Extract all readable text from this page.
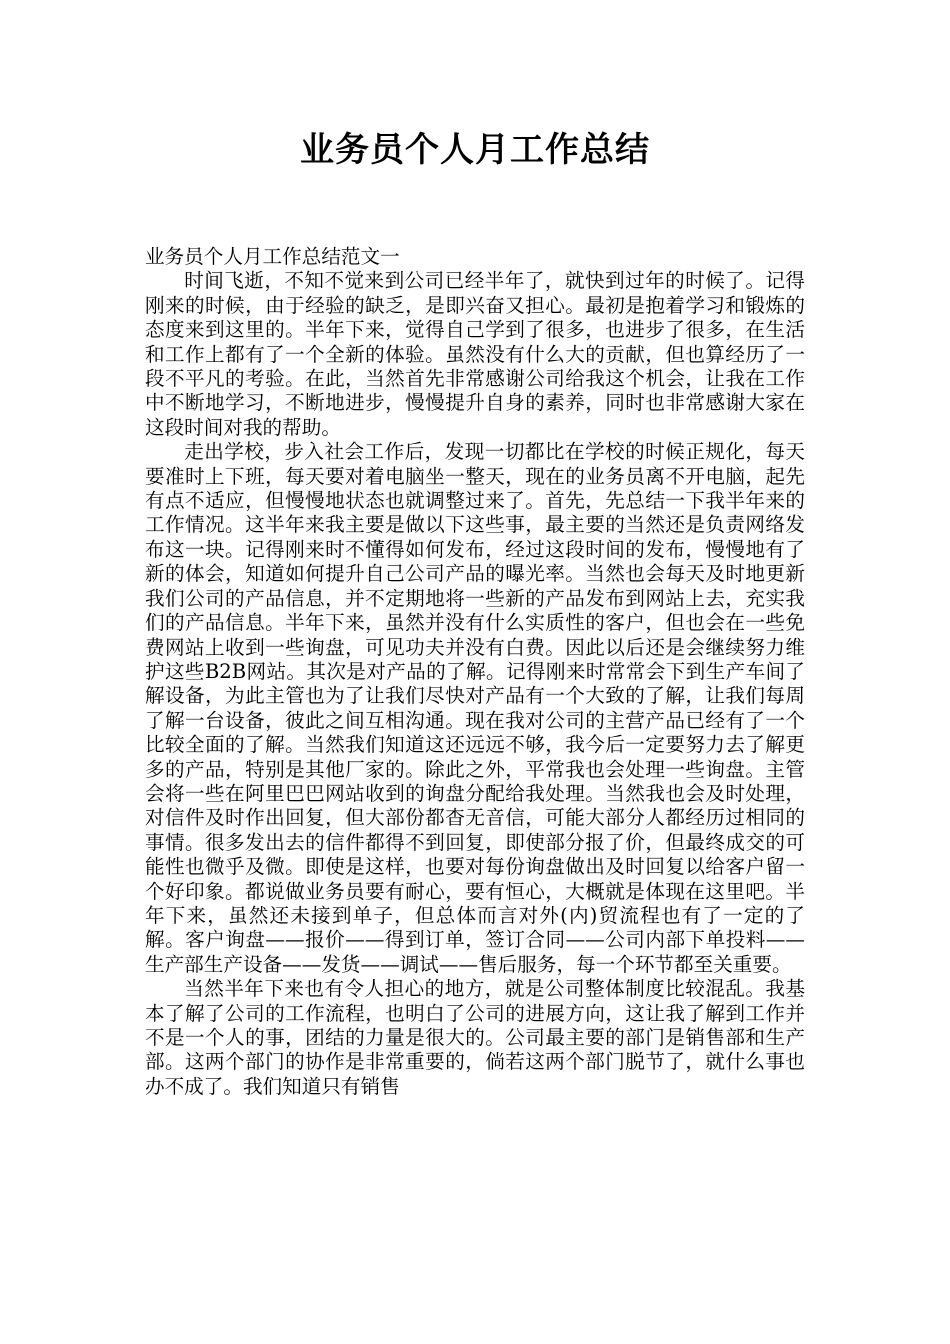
业务员个人月工作总结

业务员个人月工作总结范文一

时间飞逝，不知不觉来到公司已经半年了，就快到过年的时候了。记得刚来的时候，由于经验的缺乏，是即兴奋又担心。最初是抱着学习和锻炼的态度来到这里的。半年下来，觉得自己学到了很多，也进步了很多，在生活和工作上都有了一个全新的体验。虽然没有什么大的贡献，但也算经历了一段不平凡的考验。在此，当然首先非常感谢公司给我这个机会，让我在工作中不断地学习，不断地进步，慢慢提升自身的素养，同时也非常感谢大家在这段时间对我的帮助。

走出学校，步入社会工作后，发现一切都比在学校的时候正规化，每天要准时上下班，每天要对着电脑坐一整天，现在的业务员离不开电脑，起先有点不适应，但慢慢地状态也就调整过来了。首先，先总结一下我半年来的工作情况。这半年来我主要是做以下这些事，最主要的当然还是负责网络发布这一块。记得刚来时不懂得如何发布，经过这段时间的发布，慢慢地有了新的体会，知道如何提升自己公司产品的曝光率。当然也会每天及时地更新我们公司的产品信息，并不定期地将一些新的产品发布到网站上去，充实我们的产品信息。半年下来，虽然并没有什么实质性的客户，但也会在一些免费网站上收到一些询盘，可见功夫并没有白费。因此以后还是会继续努力维护这些B2B网站。其次是对产品的了解。记得刚来时常常会下到生产车间了解设备，为此主管也为了让我们尽快对产品有一个大致的了解，让我们每周了解一台设备，彼此之间互相沟通。现在我对公司的主营产品已经有了一个比较全面的了解。当然我们知道这还远远不够，我今后一定要努力去了解更多的产品，特别是其他厂家的。除此之外，平常我也会处理一些询盘。主管会将一些在阿里巴巴网站收到的询盘分配给我处理。当然我也会及时处理，对信件及时作出回复，但大部份都杳无音信，可能大部分人都经历过相同的事情。很多发出去的信件都得不到回复，即使部分报了价，但最终成交的可能性也微乎及微。即使是这样，也要对每份询盘做出及时回复以给客户留一个好印象。都说做业务员要有耐心，要有恒心，大概就是体现在这里吧。半年下来，虽然还未接到单子，但总体而言对外(内)贸流程也有了一定的了解。客户询盘——报价——得到订单，签订合同——公司内部下单投料——生产部生产设备——发货——调试——售后服务，每一个环节都至关重要。

当然半年下来也有令人担心的地方，就是公司整体制度比较混乱。我基本了解了公司的工作流程，也明白了公司的进展方向，这让我了解到工作并不是一个人的事，团结的力量是很大的。公司最主要的部门是销售部和生产部。这两个部门的协作是非常重要的，倘若这两个部门脱节了，就什么事也办不成了。我们知道只有销售
